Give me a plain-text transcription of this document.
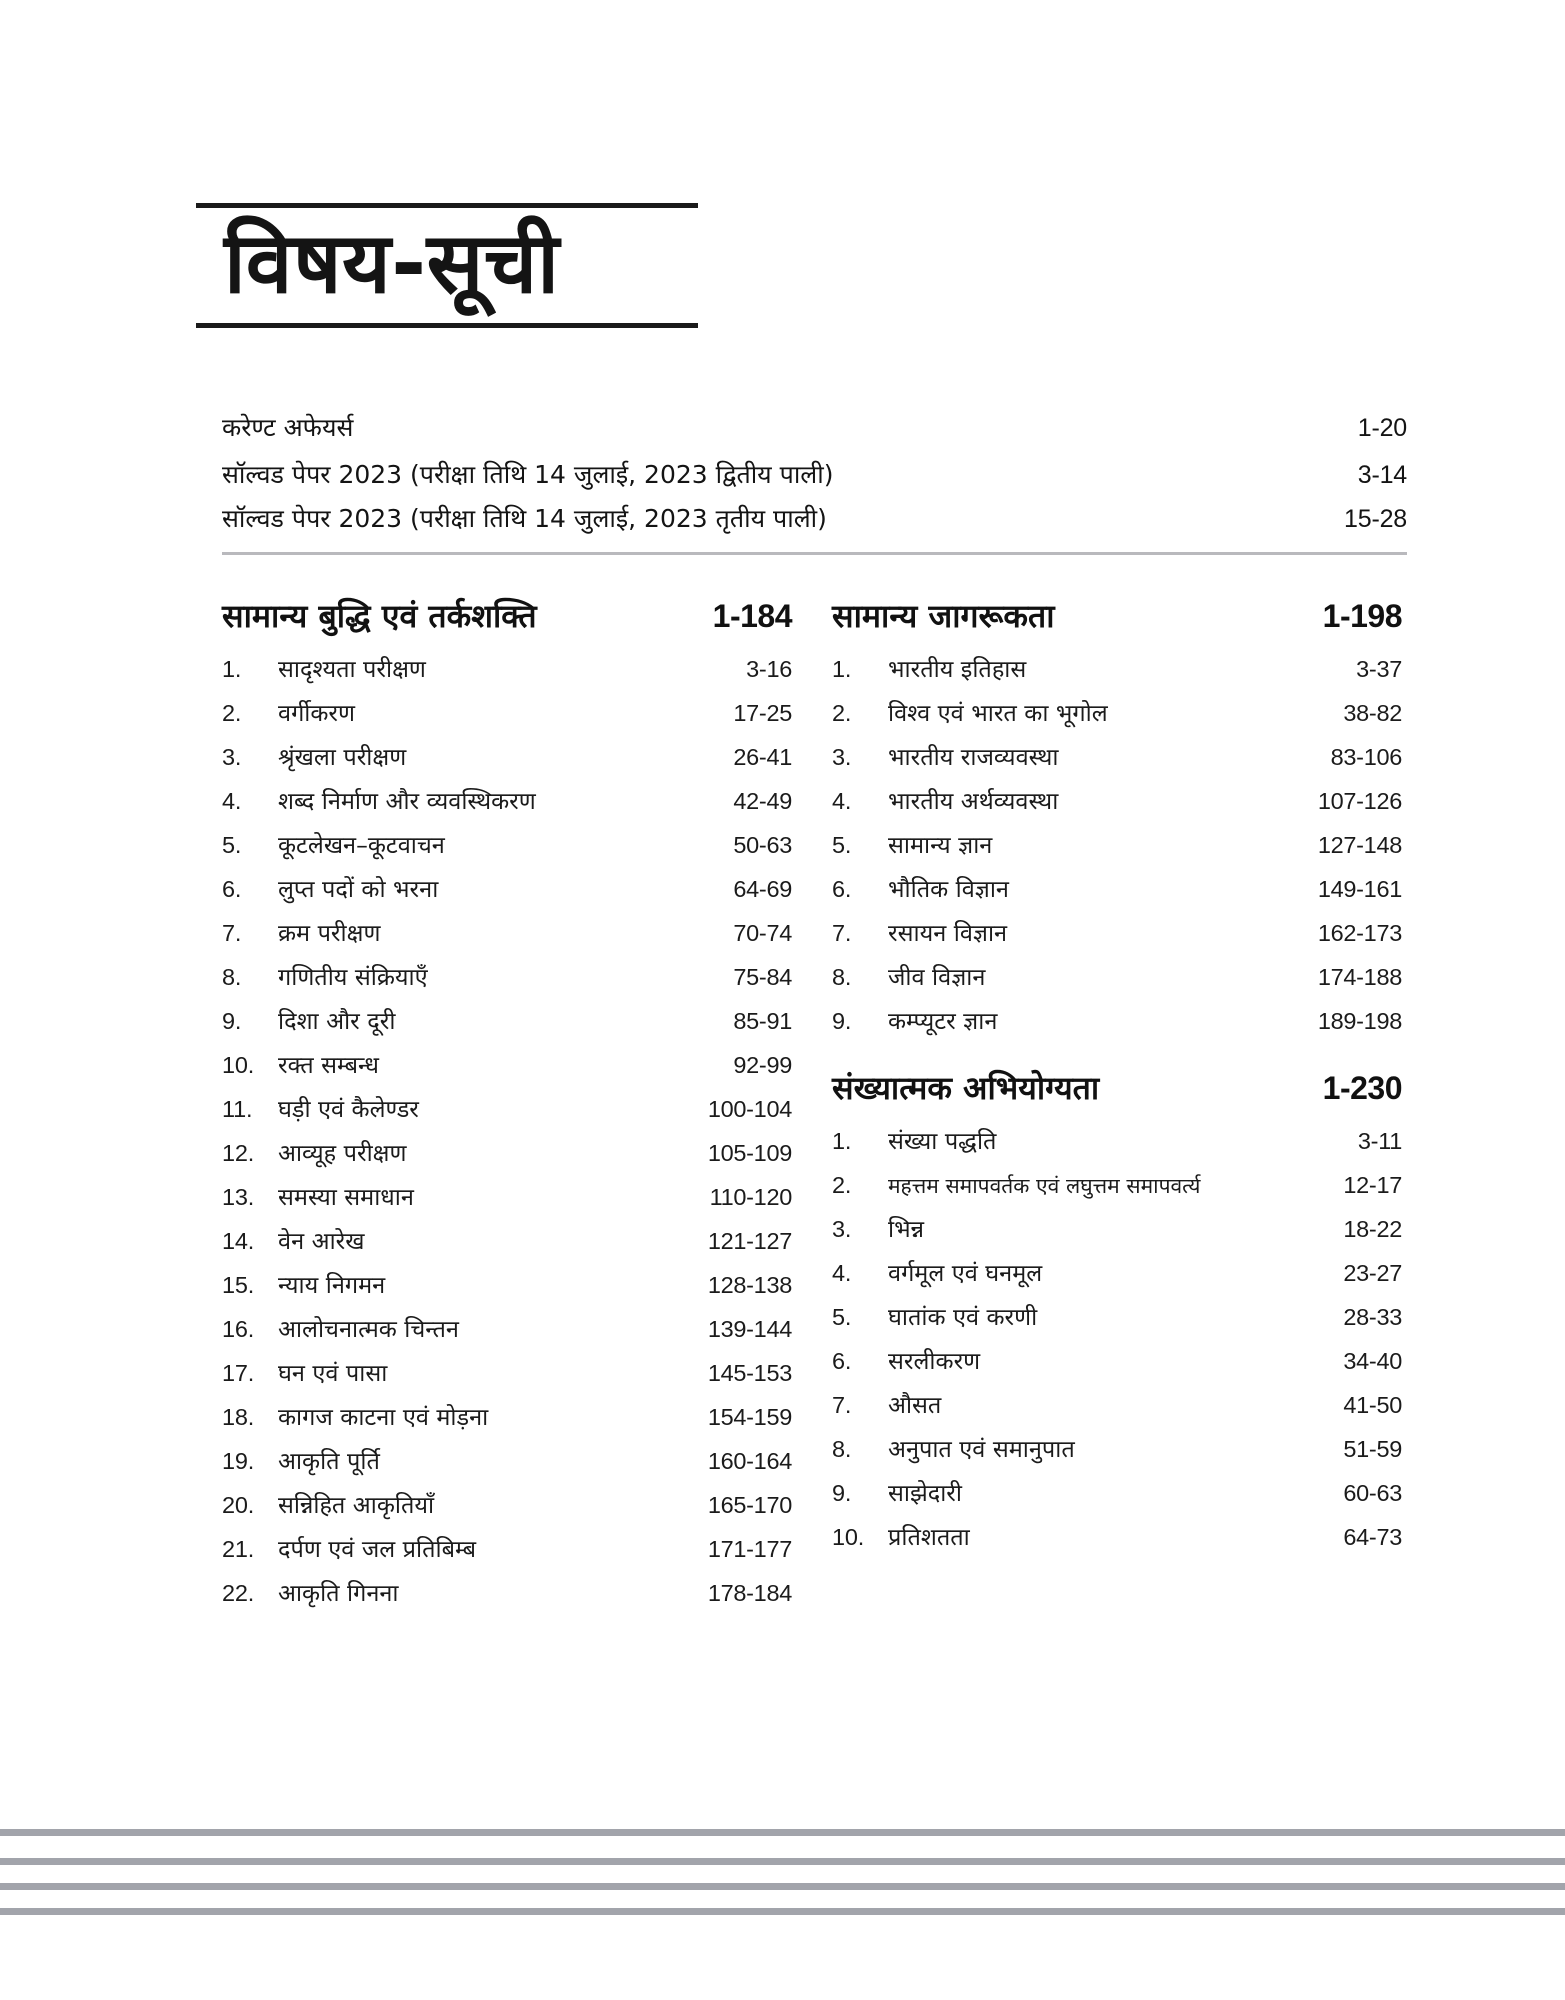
विषय-सूची
करेण्ट अफेयर्स	1-20
सॉल्वड पेपर 2023 (परीक्षा तिथि 14 जुलाई, 2023 द्वितीय पाली)	3-14
सॉल्वड पेपर 2023 (परीक्षा तिथि 14 जुलाई, 2023 तृतीय पाली)	15-28
सामान्य बुद्धि एवं तर्कशक्ति	1-184
1.	सादृश्यता परीक्षण	3-16
2.	वर्गीकरण	17-25
3.	श्रृंखला परीक्षण	26-41
4.	शब्द निर्माण और व्यवस्थिकरण	42-49
5.	कूटलेखन–कूटवाचन	50-63
6.	लुप्त पदों को भरना	64-69
7.	क्रम परीक्षण	70-74
8.	गणितीय संक्रियाएँ	75-84
9.	दिशा और दूरी	85-91
10.	रक्त सम्बन्ध	92-99
11.	घड़ी एवं कैलेण्डर	100-104
12.	आव्यूह परीक्षण	105-109
13.	समस्या समाधान	110-120
14.	वेन आरेख	121-127
15.	न्याय निगमन	128-138
16.	आलोचनात्मक चिन्तन	139-144
17.	घन एवं पासा	145-153
18.	कागज काटना एवं मोड़ना	154-159
19.	आकृति पूर्ति	160-164
20.	सन्निहित आकृतियाँ	165-170
21.	दर्पण एवं जल प्रतिबिम्ब	171-177
22.	आकृति गिनना	178-184
सामान्य जागरूकता	1-198
1.	भारतीय इतिहास	3-37
2.	विश्व एवं भारत का भूगोल	38-82
3.	भारतीय राजव्यवस्था	83-106
4.	भारतीय अर्थव्यवस्था	107-126
5.	सामान्य ज्ञान	127-148
6.	भौतिक विज्ञान	149-161
7.	रसायन विज्ञान	162-173
8.	जीव विज्ञान	174-188
9.	कम्प्यूटर ज्ञान	189-198
संख्यात्मक अभियोग्यता	1-230
1.	संख्या पद्धति	3-11
2.	महत्तम समापवर्तक एवं लघुत्तम समापवर्त्य	12-17
3.	भिन्न	18-22
4.	वर्गमूल एवं घनमूल	23-27
5.	घातांक एवं करणी	28-33
6.	सरलीकरण	34-40
7.	औसत	41-50
8.	अनुपात एवं समानुपात	51-59
9.	साझेदारी	60-63
10.	प्रतिशतता	64-73
